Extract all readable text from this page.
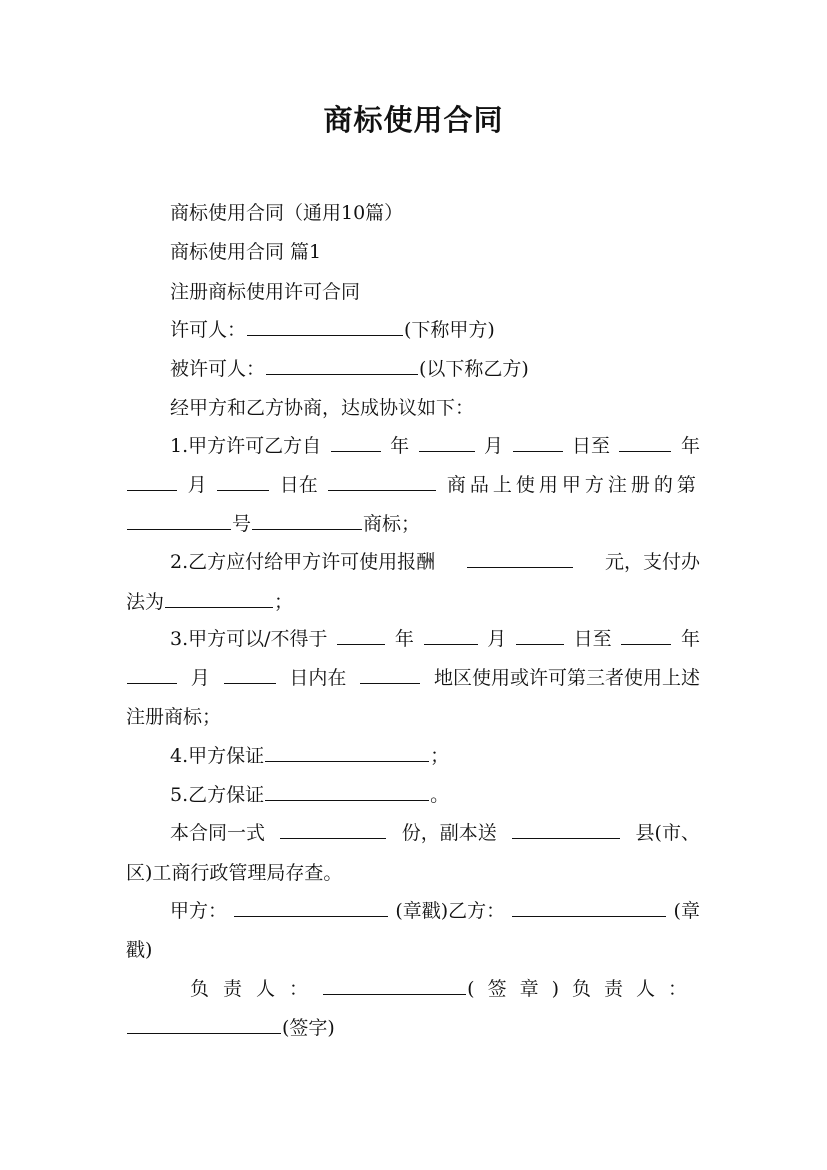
商标使用合同
商标使用合同（通用10篇）
商标使用合同 篇1
注册商标使用许可合同
许可人：	(下称甲方)
被许可人：	(以下称乙方)
经甲方和乙方协商，达成协议如下：
1.甲方许可乙方自	年	月	日至	年
月	日在	商品上使用甲方注册的第
号	商标；
2.乙方应付给甲方许可使用报酬	元，支付办
法为	；
3.甲方可以/不得于	年	月	日至	年
月	日内在	地区使用或许可第三者使用上述
注册商标；
4.甲方保证	；
5.乙方保证	。
本合同一式	份，副本送	县(市、
区)工商行政管理局存查。
甲方：	(章戳)乙方：	(章
戳)
负责人：	(签章)负责人：
(签字)
